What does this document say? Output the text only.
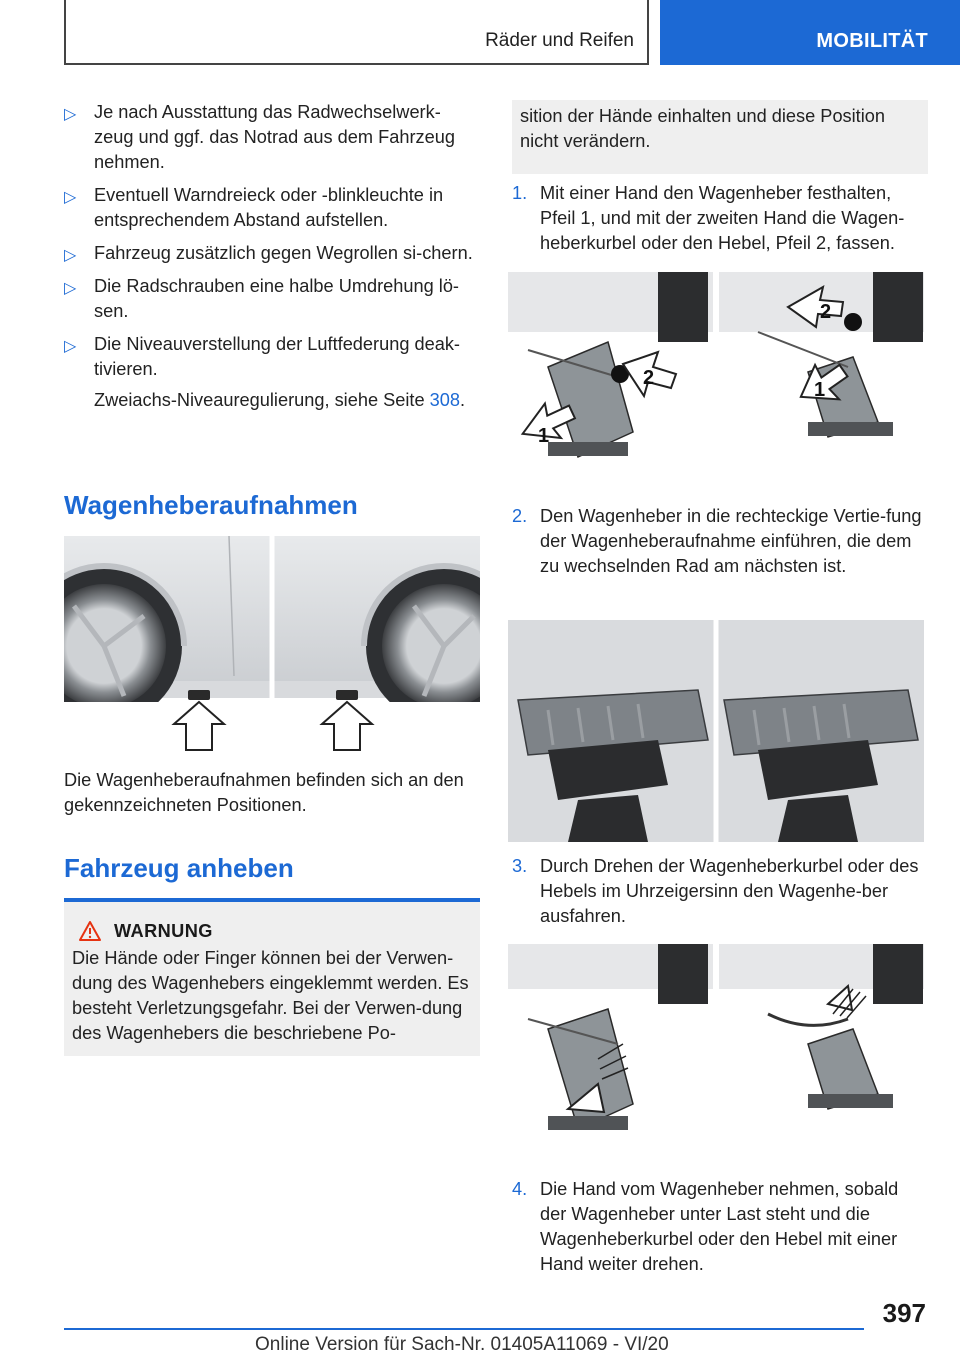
Räder und Reifen	MOBILITÄT
▷ Je nach Ausstattung das Radwechselwerk-zeug und ggf. das Notrad aus dem Fahrzeug nehmen.
▷ Eventuell Warndreieck oder -blinkleuchte in entsprechendem Abstand aufstellen.
▷ Fahrzeug zusätzlich gegen Wegrollen si-chern.
▷ Die Radschrauben eine halbe Umdrehung lö-sen.
▷ Die Niveauverstellung der Luftfederung deak-tivieren.

Zweiachs-Niveauregulierung, siehe Seite 308.

Wagenheberaufnahmen

Die Wagenheberaufnahmen befinden sich an den gekennzeichneten Positionen.

Fahrzeug anheben
WARNUNG

Die Hände oder Finger können bei der Verwen-dung des Wagenhebers eingeklemmt werden. Es besteht Verletzungsgefahr. Bei der Verwen-dung des Wagenhebers die beschriebene Po-

sition der Hände einhalten und diese Position nicht verändern.
1. Mit einer Hand den Wagenheber festhalten, Pfeil 1, und mit der zweiten Hand die Wagen-heberkurbel oder den Hebel, Pfeil 2, fassen.
1
2
2
1
2. Den Wagenheber in die rechteckige Vertie-fung der Wagenheberaufnahme einführen, die dem zu wechselnden Rad am nächsten ist.
3. Durch Drehen der Wagenheberkurbel oder des Hebels im Uhrzeigersinn den Wagenhe-ber ausfahren.
4. Die Hand vom Wagenheber nehmen, sobald der Wagenheber unter Last steht und die Wagenheberkurbel oder den Hebel mit einer Hand weiter drehen.
397
Online Version für Sach-Nr. 01405A11069 - VI/20
